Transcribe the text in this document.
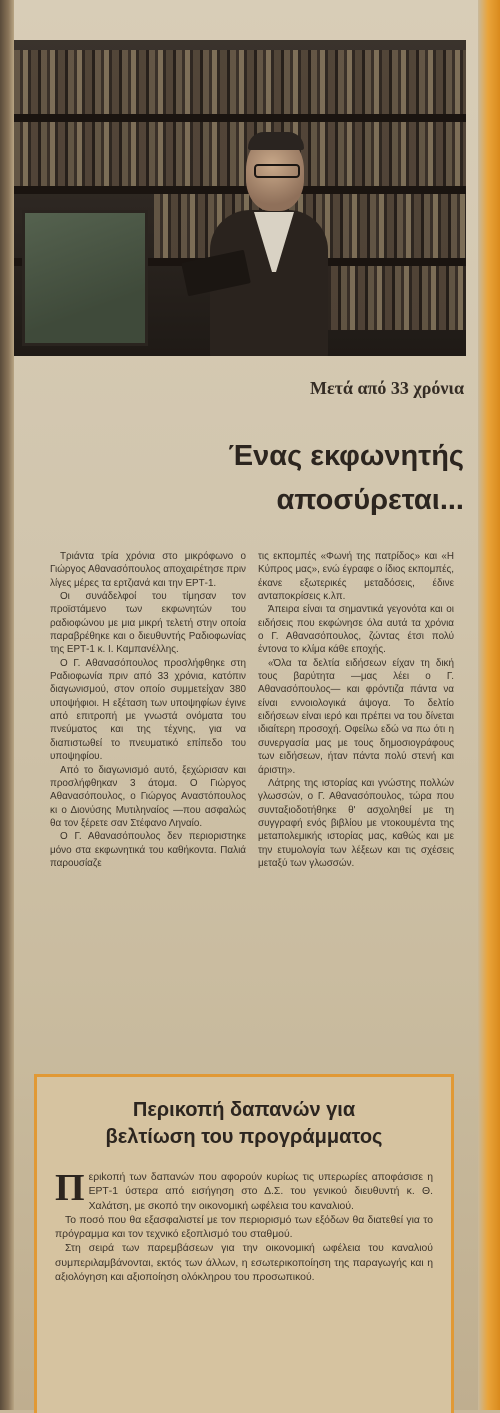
Μετά από 33 χρόνια
Ένας εκφωνητής
αποσύρεται...

Τριάντα τρία χρόνια στο μικρόφωνο ο Γιώργος Αθανασόπουλος αποχαιρέτησε πριν λίγες μέρες τα ερτζιανά και την ΕΡΤ-1.

Οι συνάδελφοί του τίμησαν τον προϊστάμενο των εκφωνητών του ραδιοφώνου με μια μικρή τελετή στην οποία παραβρέθηκε και ο διευθυντής Ραδιοφωνίας της ΕΡΤ-1 κ. Ι. Καμπανέλλης.

Ο Γ. Αθανασόπουλος προσλήφθηκε στη Ραδιοφωνία πριν από 33 χρόνια, κατόπιν διαγωνισμού, στον οποίο συμμετείχαν 380 υποψήφιοι. Η εξέταση των υποψηφίων έγινε από επιτροπή με γνωστά ονόματα του πνεύματος και της τέχνης, για να διαπιστωθεί το πνευματικό επίπεδο του υποψηφίου.

Από το διαγωνισμό αυτό, ξεχώρισαν και προσλήφθηκαν 3 άτομα. Ο Γιώργος Αθανασόπουλος, ο Γιώργος Αναστόπουλος κι ο Διονύσης Μυτιληναίος —που ασφαλώς θα τον ξέρετε σαν Στέφανο Ληναίο.

Ο Γ. Αθανασόπουλος δεν περιοριστηκε μόνο στα εκφωνητικά του καθήκοντα. Παλιά παρουσίαζε

τις εκπομπές «Φωνή της πατρίδος» και «Η Κύπρος μας», ενώ έγραφε ο ίδιος εκπομπές, έκανε εξωτερικές μεταδόσεις, έδινε ανταποκρίσεις κ.λπ.

Άπειρα είναι τα σημαντικά γεγονότα και οι ειδήσεις που εκφώνησε όλα αυτά τα χρόνια ο Γ. Αθανασόπουλος, ζώντας έτσι πολύ έντονα το κλίμα κάθε εποχής.

«Όλα τα δελτία ειδήσεων είχαν τη δική τους βαρύτητα —μας λέει ο Γ. Αθανασόπουλος— και φρόντιζα πάντα να είναι εννοιολογικά άψογα. Το δελτίο ειδήσεων είναι ιερό και πρέπει να του δίνεται ιδιαίτερη προσοχή. Οφείλω εδώ να πω ότι η συνεργασία μας με τους δημοσιογράφους των ειδήσεων, ήταν πάντα πολύ στενή και άριστη».

Λάτρης της ιστορίας και γνώστης πολλών γλωσσών, ο Γ. Αθανασόπουλος, τώρα που συνταξιοδοτήθηκε θ' ασχοληθεί με τη συγγραφή ενός βιβλίου με ντοκουμέντα της μεταπολεμικής ιστορίας μας, καθώς και με την ετυμολογία των λέξεων και τις σχέσεις μεταξύ των γλωσσών.

Περικοπή δαπανών για
βελτίωση του προγράμματος

Περιkoπή των δαπανών που αφορούν κυρίως τις υπερωρίες αποφάσισε η ΕΡΤ-1 ύστερα από εισήγηση στο Δ.Σ. του γενικού διευθυντή κ. Θ. Χαλάτση, με σκοπό την οικονομική ωφέλεια του καναλιού.

Το ποσό που θα εξασφαλιστεί με τον περιορισμό των εξόδων θα διατεθεί για το πρόγραμμα και τον τεχνικό εξοπλισμό του σταθμού.

Στη σειρά των παρεμβάσεων για την οικονομική ωφέλεια του καναλιού συμπεριλαμβάνονται, εκτός των άλλων, η εσωτερικοποίηση της παραγωγής και η αξιολόγηση και αξιοποίηση ολόκληρου του προσωπικού.
